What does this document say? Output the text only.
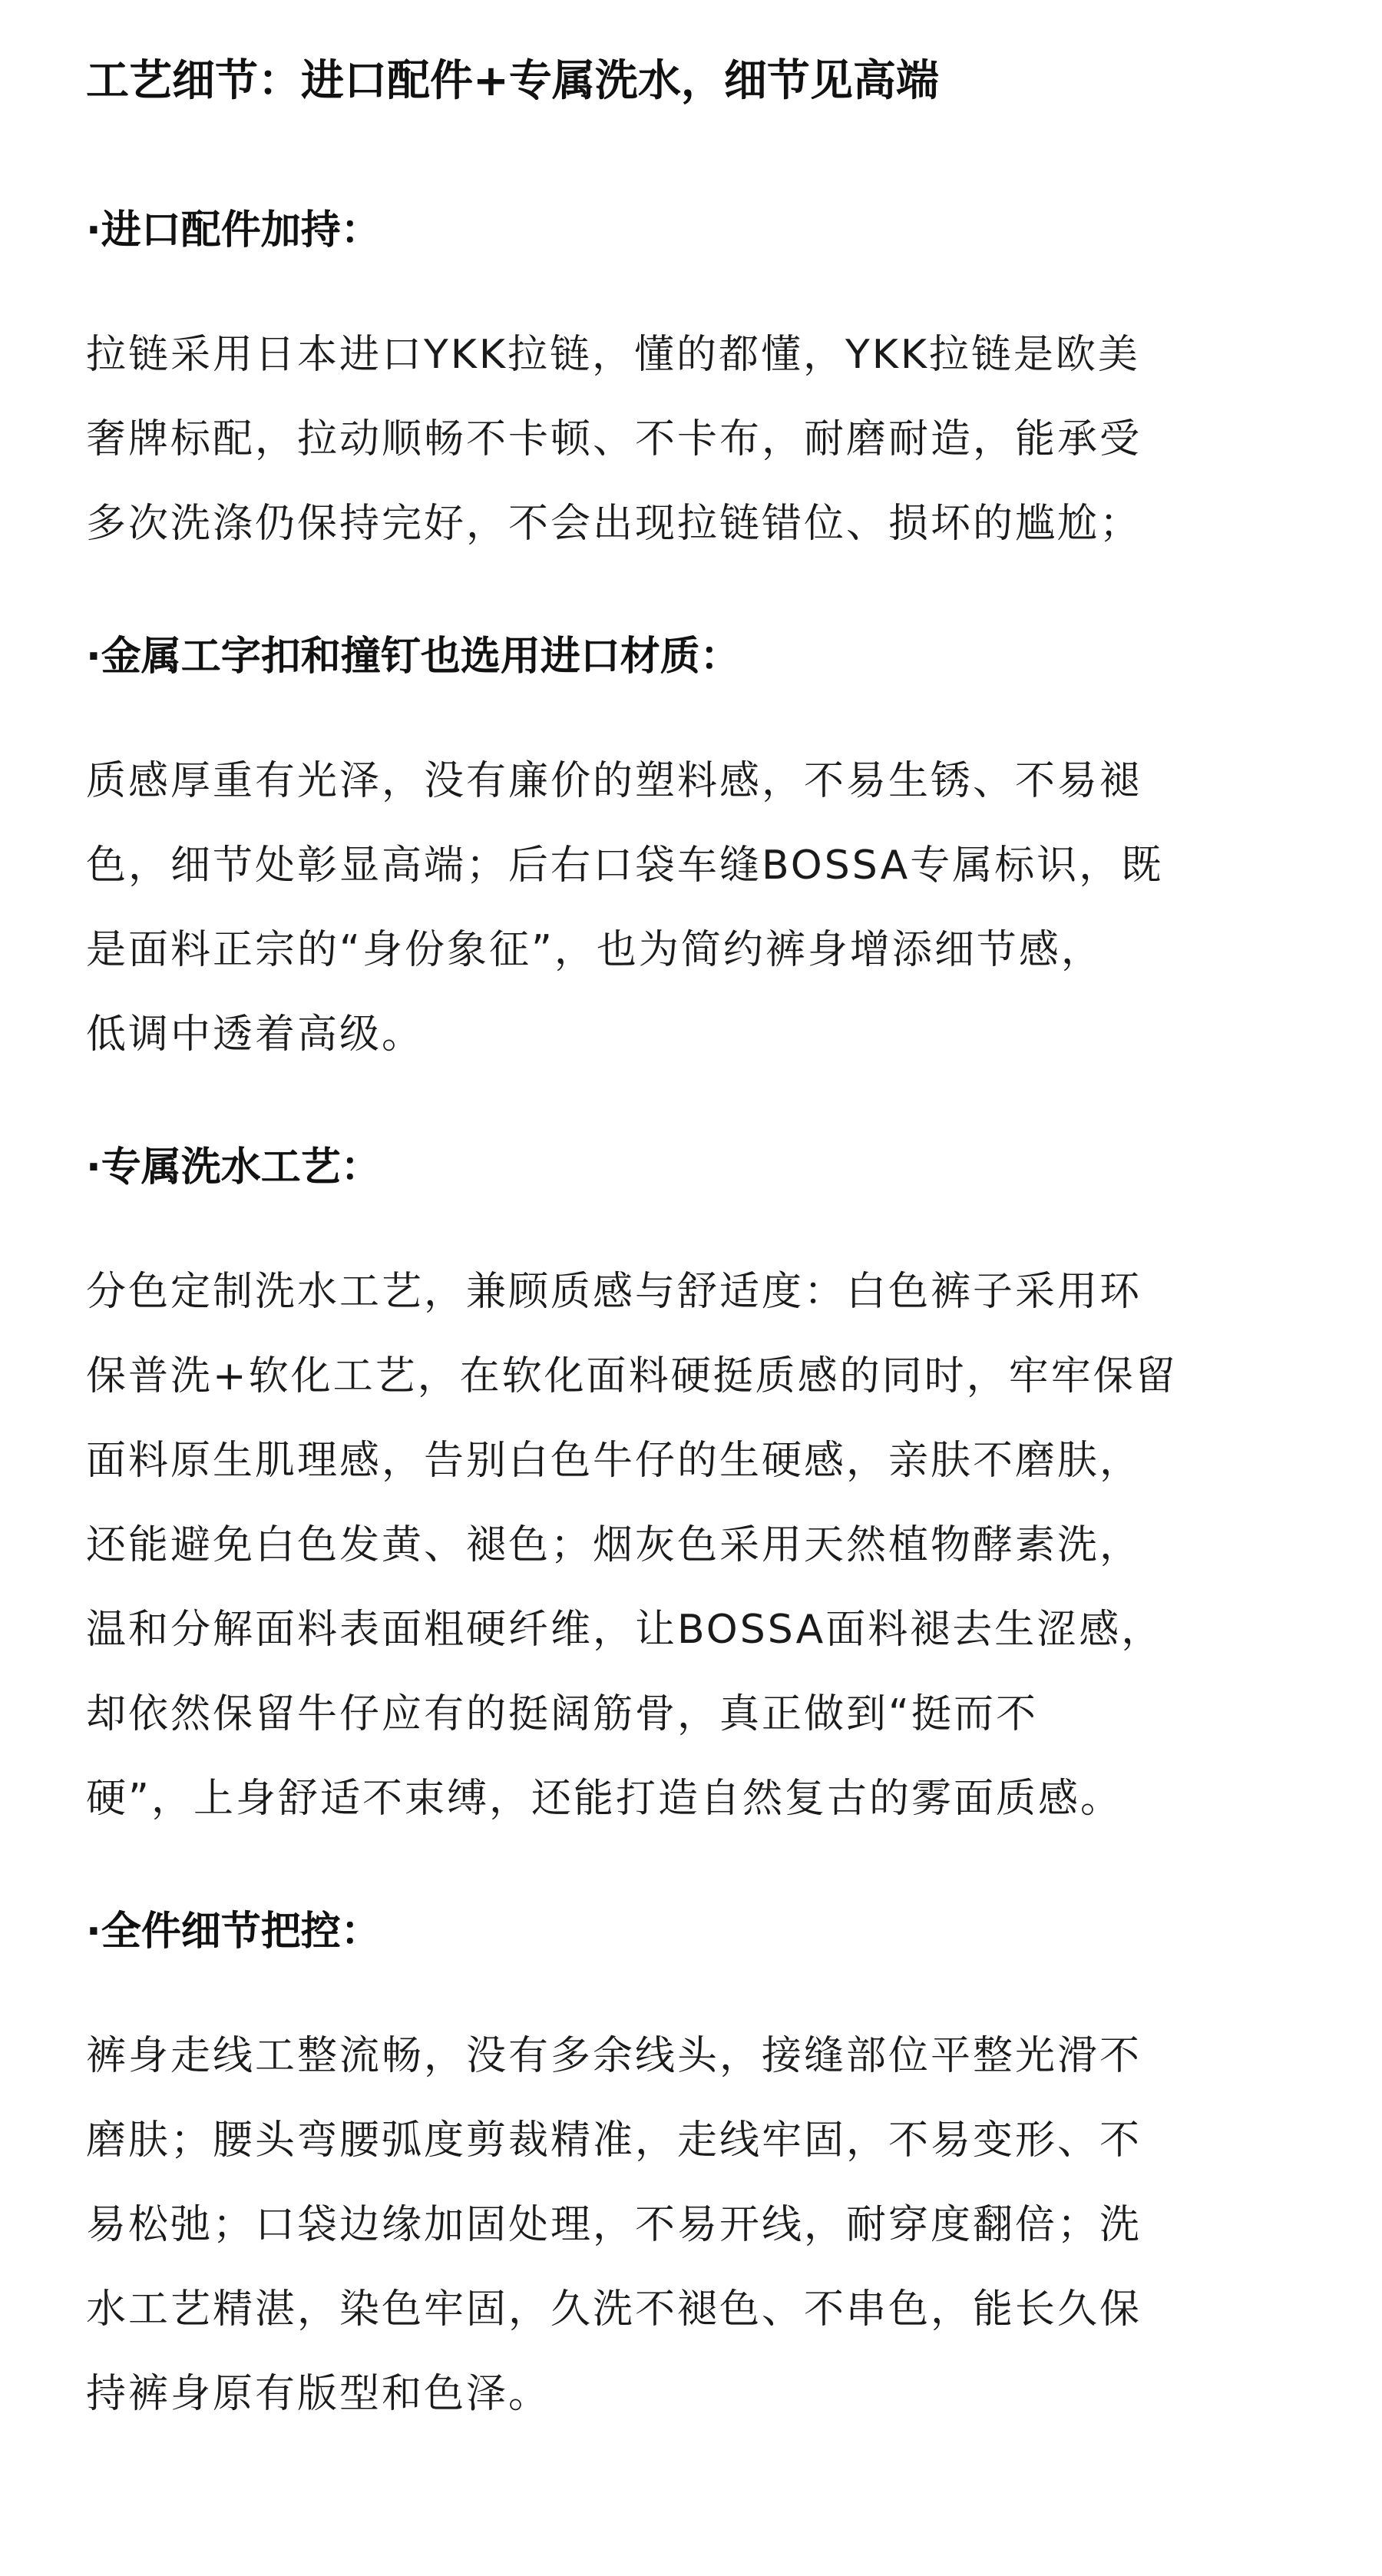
工艺细节：进口配件+专属洗水，细节见高端
·进口配件加持：
拉链采用日本进口YKK拉链，懂的都懂，YKK拉链是欧美
奢牌标配，拉动顺畅不卡顿、不卡布，耐磨耐造，能承受
多次洗涤仍保持完好，不会出现拉链错位、损坏的尴尬；
·金属工字扣和撞钉也选用进口材质：
质感厚重有光泽，没有廉价的塑料感，不易生锈、不易褪
色，细节处彰显高端；后右口袋车缝BOSSA专属标识，既
是面料正宗的“身份象征”，也为简约裤身增添细节感，
低调中透着高级。
·专属洗水工艺：
分色定制洗水工艺，兼顾质感与舒适度：白色裤子采用环
保普洗+软化工艺，在软化面料硬挺质感的同时，牢牢保留
面料原生肌理感，告别白色牛仔的生硬感，亲肤不磨肤，
还能避免白色发黄、褪色；烟灰色采用天然植物酵素洗，
温和分解面料表面粗硬纤维，让BOSSA面料褪去生涩感，
却依然保留牛仔应有的挺阔筋骨，真正做到“挺而不
硬”，上身舒适不束缚，还能打造自然复古的雾面质感。
·全件细节把控：
裤身走线工整流畅，没有多余线头，接缝部位平整光滑不
磨肤；腰头弯腰弧度剪裁精准，走线牢固，不易变形、不
易松弛；口袋边缘加固处理，不易开线，耐穿度翻倍；洗
水工艺精湛，染色牢固，久洗不褪色、不串色，能长久保
持裤身原有版型和色泽。
